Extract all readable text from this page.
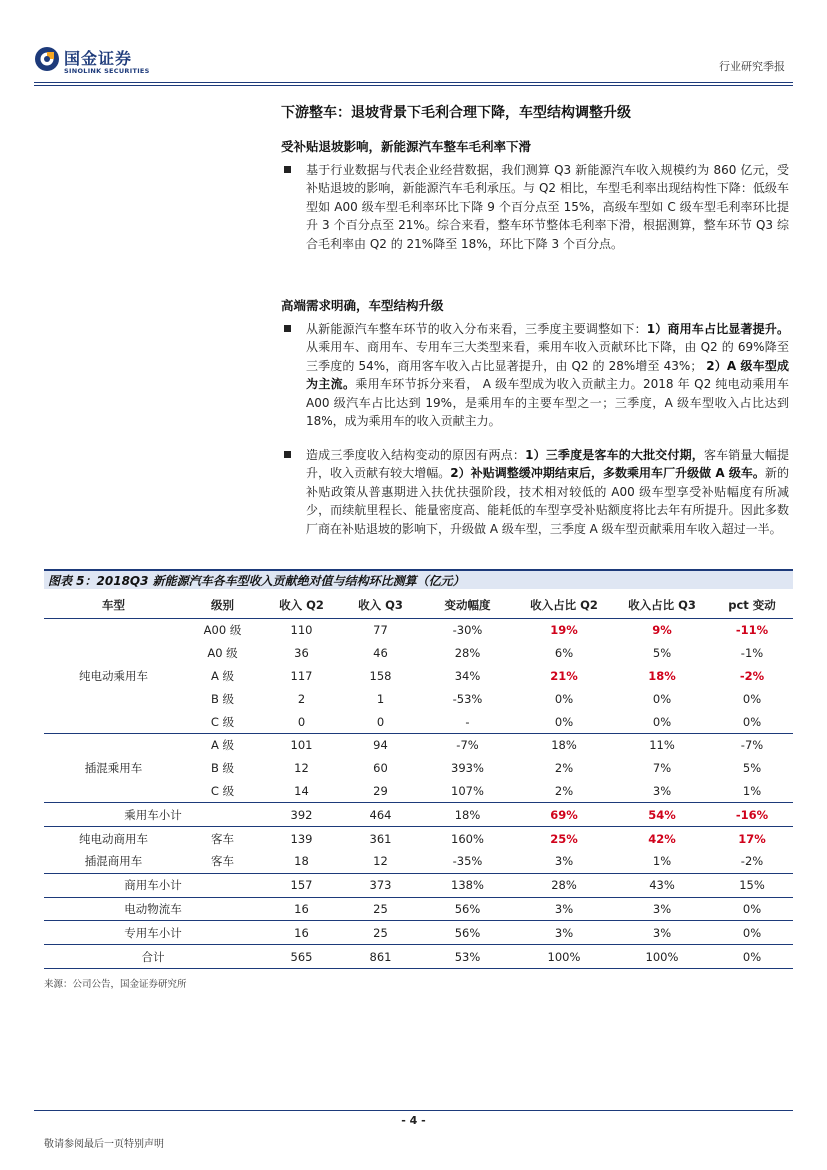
国金证券
SINOLINK SECURITIES	行业研究季报
下游整车：退坡背景下毛利合理下降，车型结构调整升级
受补贴退坡影响，新能源汽车整车毛利率下滑
基于行业数据与代表企业经营数据，我们测算 Q3 新能源汽车收入规模约为 860 亿元，受补贴退坡的影响，新能源汽车毛利承压。与 Q2 相比，车型毛利率出现结构性下降：低级车型如 A00 级车型毛利率环比下降 9 个百分点至 15%，高级车型如 C 级车型毛利率环比提升 3 个百分点至 21%。综合来看，整车环节整体毛利率下滑，根据测算，整车环节 Q3 综合毛利率由 Q2 的 21%降至 18%，环比下降 3 个百分点。
高端需求明确，车型结构升级
从新能源汽车整车环节的收入分布来看，三季度主要调整如下：1）商用车占比显著提升。从乘用车、商用车、专用车三大类型来看，乘用车收入贡献环比下降，由 Q2 的 69%降至三季度的 54%，商用客车收入占比显著提升，由 Q2 的 28%增至 43%； 2）A 级车型成为主流。乘用车环节拆分来看， A 级车型成为收入贡献主力。2018 年 Q2 纯电动乘用车 A00 级汽车占比达到 19%，是乘用车的主要车型之一；三季度，A 级车型收入占比达到 18%，成为乘用车的收入贡献主力。
造成三季度收入结构变动的原因有两点：1）三季度是客车的大批交付期，客车销量大幅提升，收入贡献有较大增幅。2）补贴调整缓冲期结束后，多数乘用车厂升级做 A 级车。新的补贴政策从普惠期进入扶优扶强阶段，技术相对较低的 A00 级车型享受补贴幅度有所减少，而续航里程长、能量密度高、能耗低的车型享受补贴额度将比去年有所提升。因此多数厂商在补贴退坡的影响下，升级做 A 级车型，三季度 A 级车型贡献乘用车收入超过一半。
图表 5：2018Q3 新能源汽车各车型收入贡献绝对值与结构环比测算（亿元）
车型	级别	收入 Q2	收入 Q3	变动幅度	收入占比 Q2	收入占比 Q3	pct 变动
纯电动乘用车	A00 级	110	77	-30%	19%	9%	-11%
	A0 级	36	46	28%	6%	5%	-1%
	A 级	117	158	34%	21%	18%	-2%
	B 级	2	1	-53%	0%	0%	0%
	C 级	0	0	-	0%	0%	0%
插混乘用车	A 级	101	94	-7%	18%	11%	-7%
	B 级	12	60	393%	2%	7%	5%
	C 级	14	29	107%	2%	3%	1%
乘用车小计		392	464	18%	69%	54%	-16%
纯电动商用车	客车	139	361	160%	25%	42%	17%
插混商用车	客车	18	12	-35%	3%	1%	-2%
商用车小计		157	373	138%	28%	43%	15%
电动物流车		16	25	56%	3%	3%	0%
专用车小计		16	25	56%	3%	3%	0%
合计		565	861	53%	100%	100%	0%
来源：公司公告，国金证券研究所
- 4 -
敬请参阅最后一页特别声明
